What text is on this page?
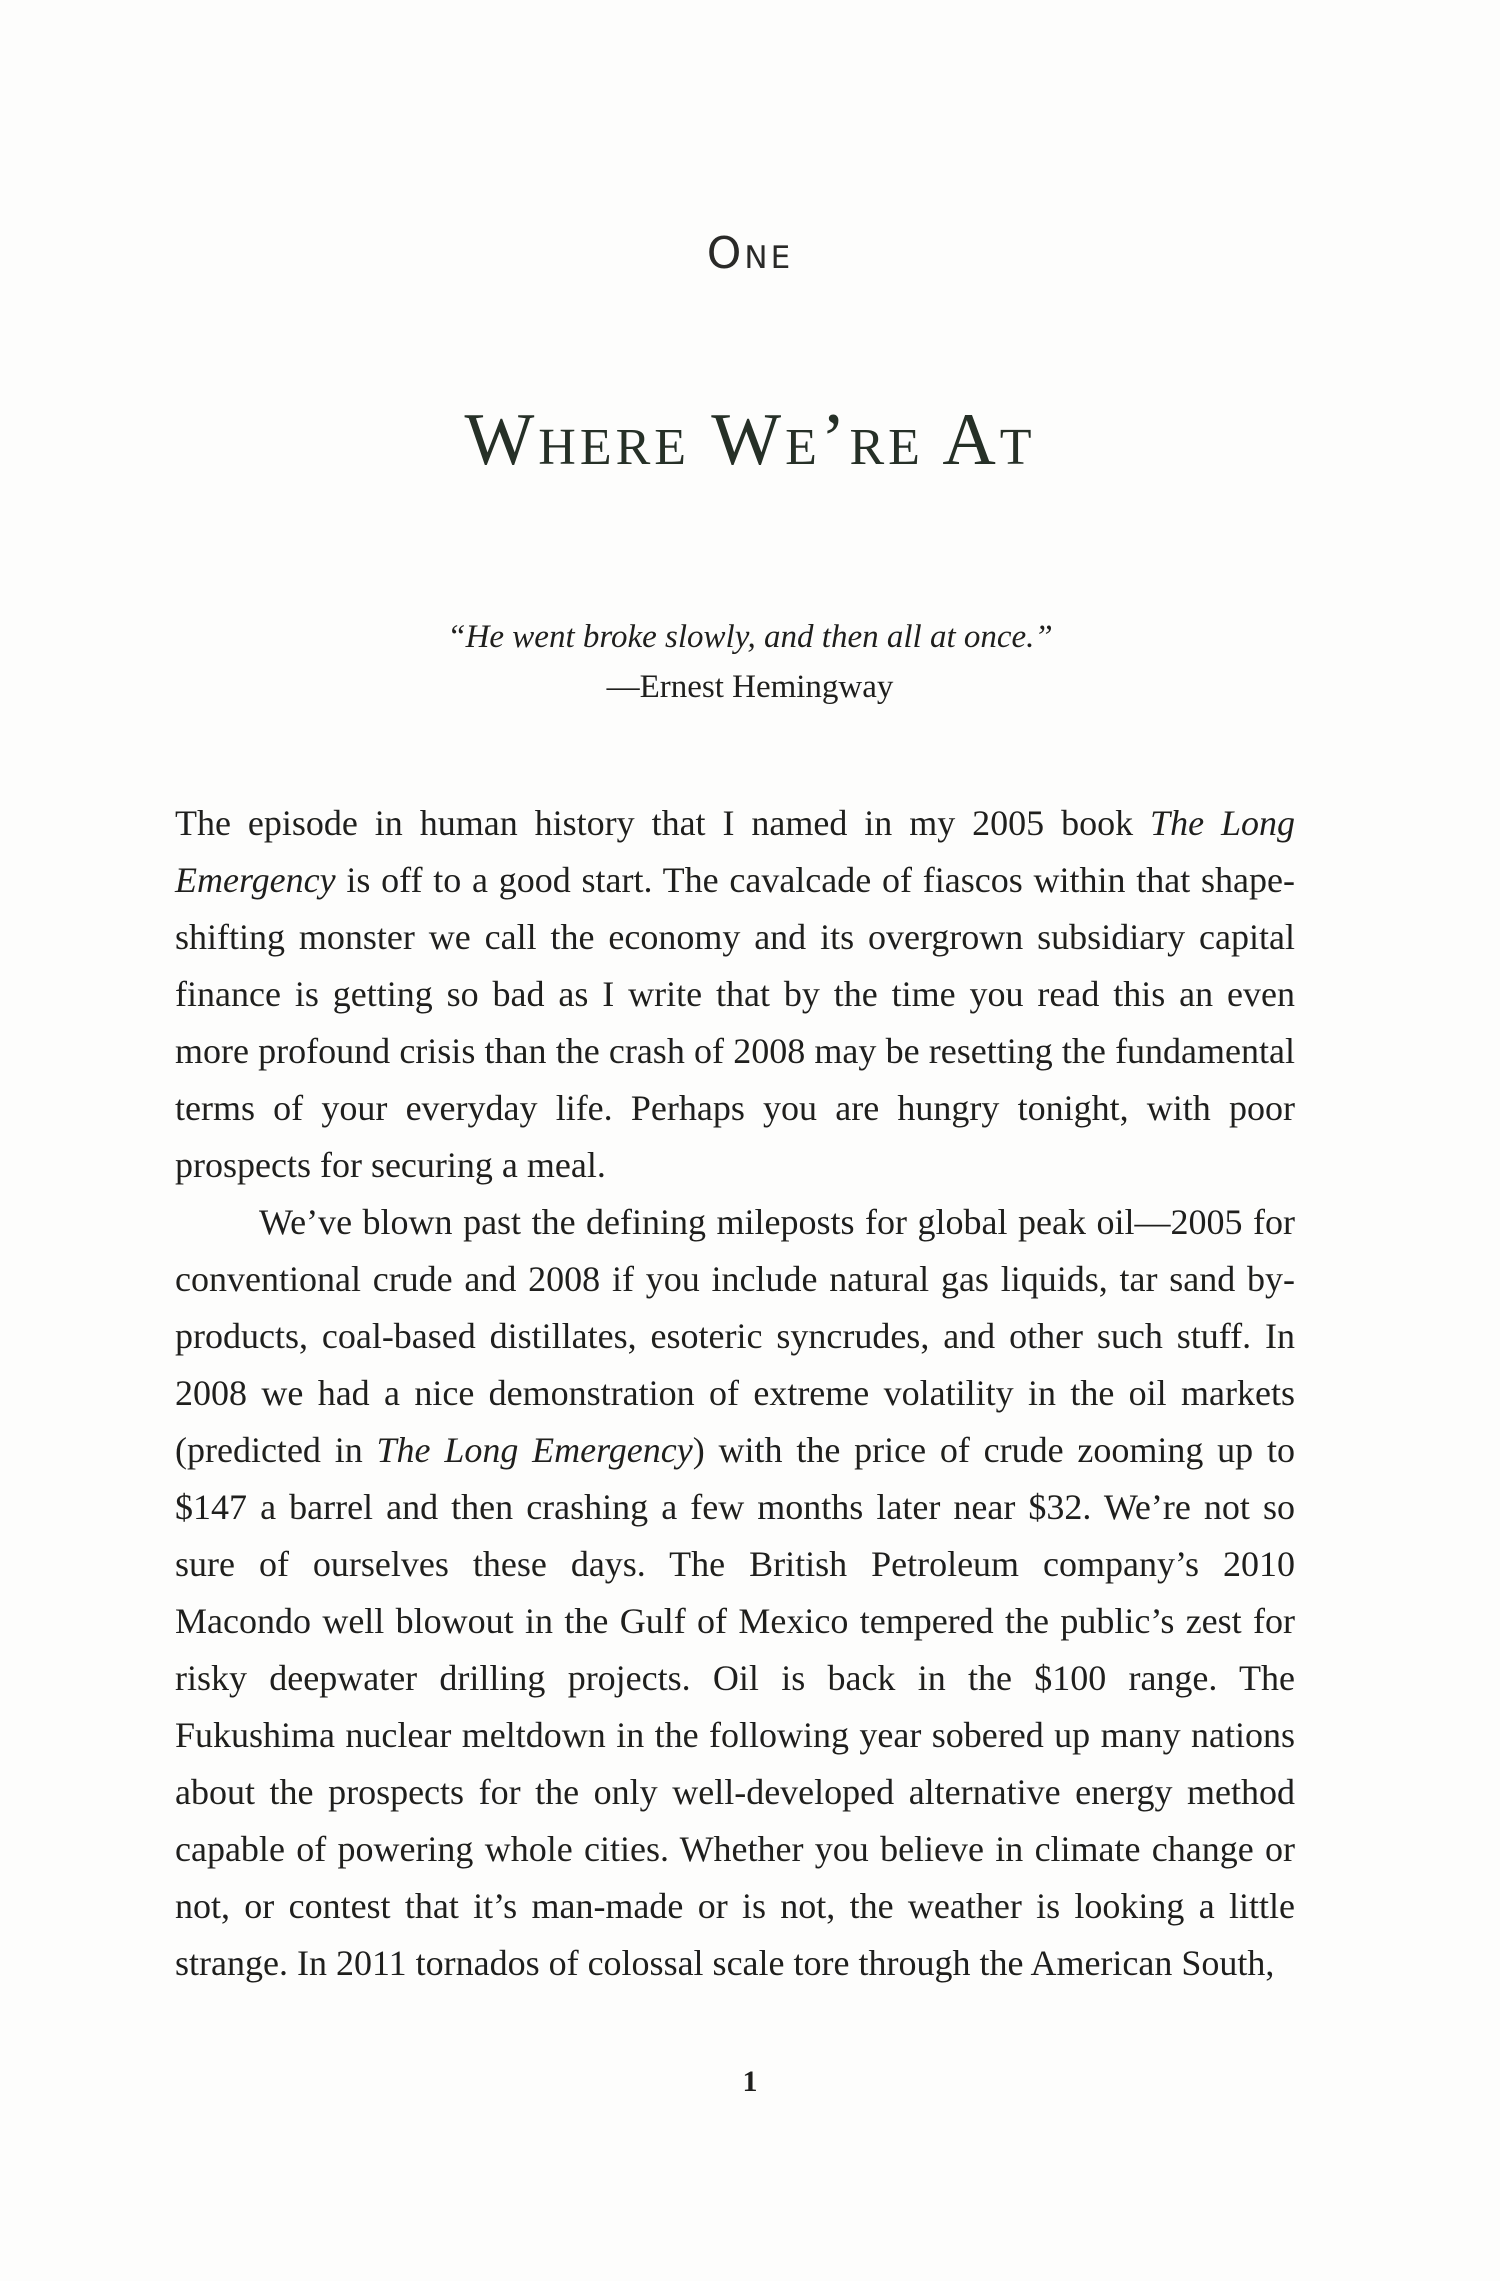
One
Where We’re At
“He went broke slowly, and then all at once.”
—Ernest Hemingway

The episode in human history that I named in my 2005 book The Long Emergency is off to a good start. The cavalcade of fiascos within that shape-shifting monster we call the economy and its overgrown subsidiary capital finance is getting so bad as I write that by the time you read this an even more profound crisis than the crash of 2008 may be resetting the fundamental terms of your everyday life. Perhaps you are hungry tonight, with poor prospects for securing a meal.

We’ve blown past the defining mileposts for global peak oil—2005 for conventional crude and 2008 if you include natural gas liquids, tar sand by-products, coal-based distillates, esoteric syncrudes, and other such stuff. In 2008 we had a nice demonstration of extreme volatility in the oil markets (predicted in The Long Emergency) with the price of crude zooming up to $147 a barrel and then crashing a few months later near $32. We’re not so sure of ourselves these days. The British Petroleum company’s 2010 Macondo well blowout in the Gulf of Mexico tempered the public’s zest for risky deepwater drilling projects. Oil is back in the $100 range. The Fukushima nuclear meltdown in the following year sobered up many nations about the prospects for the only well-developed alternative energy method capable of powering whole cities. Whether you believe in climate change or not, or contest that it’s man-made or is not, the weather is looking a little strange. In 2011 tornados of colossal scale tore through the American South,

1
